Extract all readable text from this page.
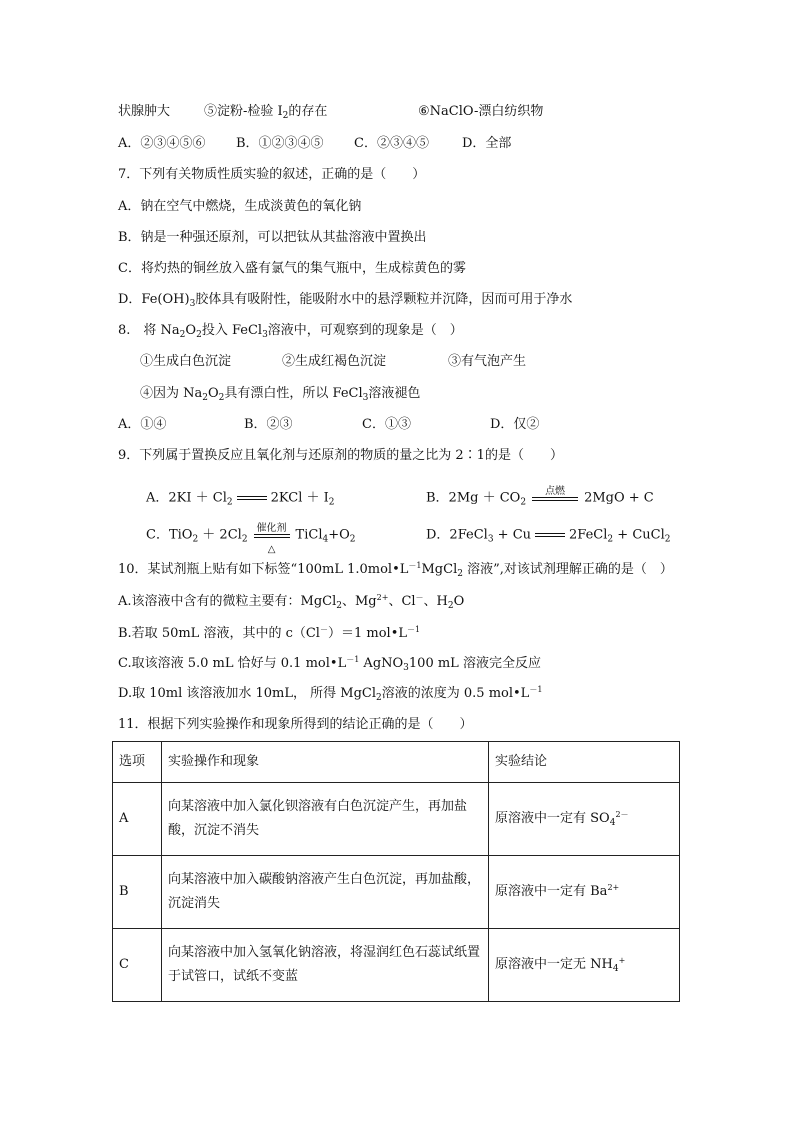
状腺肿大	⑤淀粉-检验 $I_2$的存在	⑥NaClO-漂白纺织物
A．②③④⑤⑥ B．①②③④⑤ C．②③④⑤	D．全部
7．下列有关物质性质实验的叙述，正确的是（　　）
A．钠在空气中燃烧，生成淡黄色的氧化钠
B．钠是一种强还原剂，可以把钛从其盐溶液中置换出
C．将灼热的铜丝放入盛有氯气的集气瓶中，生成棕黄色的雾
D．$Fe(OH)_3$胶体具有吸附性，能吸附水中的悬浮颗粒并沉降，因而可用于净水
8.　将 $Na_2O_2$投入 FeCl$_3$溶液中，可观察到的现象是（　）
①生成白色沉淀	②生成红褐色沉淀	③有气泡产生
④因为 $Na_2O_2$具有漂白性，所以 FeCl$_3$溶液褪色
A．①④	B．②③	C．①③	D．仅②
9．下列属于置换反应且氧化剂与还原剂的物质的量之比为 2∶1的是（　　）
A．$2KI + Cl_2$	$2KCl + I_2$	B．$2Mg + CO_2$
点燃	2MgO + C
C．$TiO_2 + 2Cl_2$
催化剂
△
$TiCl_4+O_2$	D．2FeCl$_3$ + Cu	2FeCl$_2$ + CuCl$_2$
10．某试剂瓶上贴有如下标签“100mL $1.0mol•L^{-1}MgCl_2$ 溶液”,对该试剂理解正确的是（　）
A.该溶液中含有的微粒主要有：MgCl$_2$、$Mg^{2+}$、Cl－、$H_2O$
B.若取 50mL 溶液，其中的 c（Cl－）＝1 $mol•L^{-1}$
C.取该溶液 5.0 mL 恰好与 0.1 $mol•L^{-1}$ AgNO$_3$100 mL 溶液完全反应
D.取 10ml 该溶液加水 10mL， 所得 MgCl$_2$溶液的浓度为 0.5 $mol•L^{-1}$
11．根据下列实验操作和现象所得到的结论正确的是（　　）
选项	实验操作和现象	实验结论
A	向某溶液中加入氯化钡溶液有白色沉淀产生，再加盐酸，沉淀不消失	原溶液中一定有 $SO_4^{2-}$
B	向某溶液中加入碳酸钠溶液产生白色沉淀，再加盐酸，沉淀消失	原溶液中一定有 $Ba^{2+}$
C	向某溶液中加入氢氧化钠溶液，将湿润红色石蕊试纸置于试管口，试纸不变蓝	原溶液中一定无 $NH_4^+$
